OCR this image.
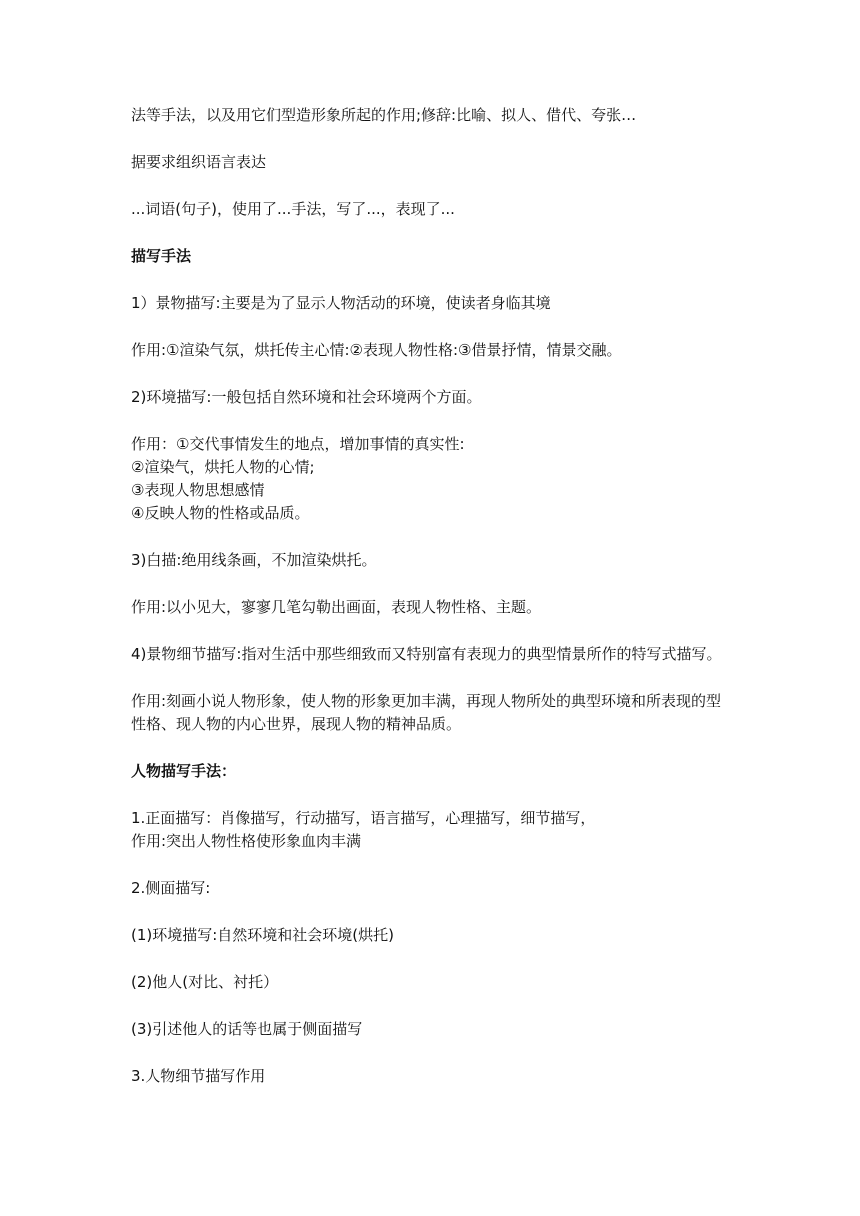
法等手法，以及用它们型造形象所起的作用;修辞:比喻、拟人、借代、夸张…

据要求组织语言表达

...词语(句子)，使用了...手法，写了...，表现了...

描写手法

1）景物描写:主要是为了显示人物活动的环境，使读者身临其境

作用:①渲染气氛，烘托传主心情:②表现人物性格:③借景抒情，情景交融。

2)环境描写:一般包括自然环境和社会环境两个方面。

作用：①交代事情发生的地点，增加事情的真实性:
②渲染气，烘托人物的心情;
③表现人物思想感情
④反映人物的性格或品质。

3)白描:绝用线条画，不加渲染烘托。

作用:以小见大，寥寥几笔勾勒出画面，表现人物性格、主题。

4)景物细节描写:指对生活中那些细致而又特别富有表现力的典型情景所作的特写式描写。

作用:刻画小说人物形象，使人物的形象更加丰满，再现人物所处的典型环境和所表现的型性格、现人物的内心世界，展现人物的精神品质。

人物描写手法：

1.正面描写：肖像描写，行动描写，语言描写，心理描写，细节描写，
作用:突出人物性格使形象血肉丰满

2.侧面描写:

(1)环境描写:自然环境和社会环境(烘托)

(2)他人(对比、衬托）

(3)引述他人的话等也属于侧面描写

3.人物细节描写作用
